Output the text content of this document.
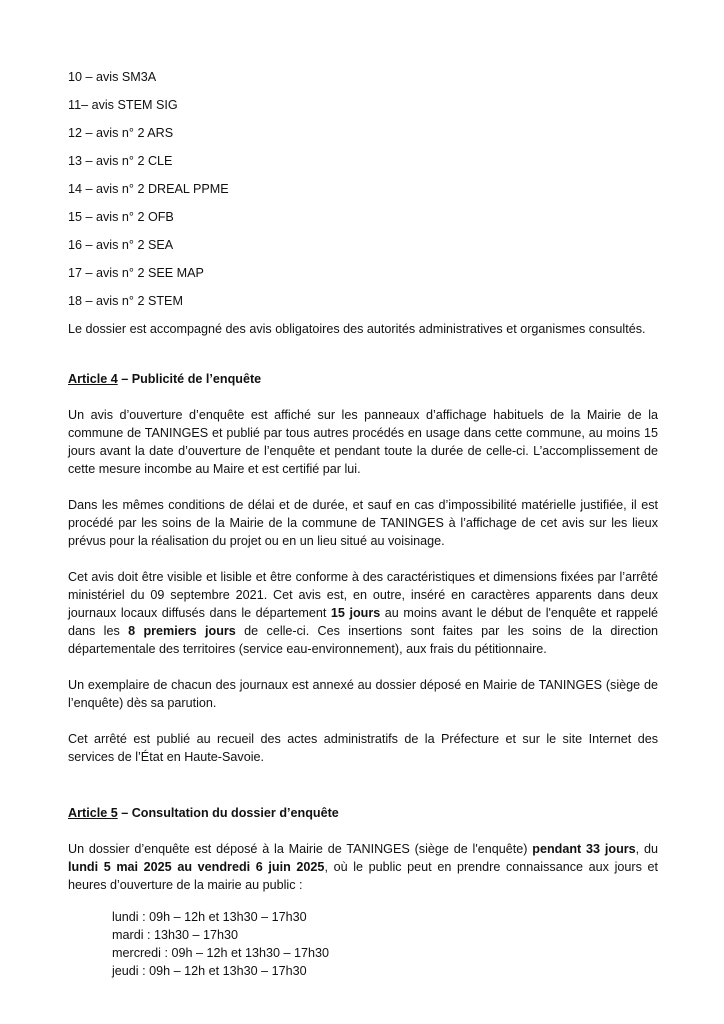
10 – avis SM3A
11– avis STEM SIG
12 – avis n° 2 ARS
13 – avis n° 2 CLE
14 – avis n° 2 DREAL PPME
15 – avis n° 2 OFB
16 – avis n° 2 SEA
17 – avis n° 2 SEE MAP
18 – avis n° 2 STEM

Le dossier est accompagné des avis obligatoires des autorités administratives et organismes consultés.

Article 4 – Publicité de l’enquête

Un avis d’ouverture d’enquête est affiché sur les panneaux d’affichage habituels de la Mairie de la commune de TANINGES et publié par tous autres procédés en usage dans cette commune, au moins 15 jours avant la date d’ouverture de l’enquête et pendant toute la durée de celle-ci. L’accomplissement de cette mesure incombe au Maire et est certifié par lui.

Dans les mêmes conditions de délai et de durée, et sauf en cas d’impossibilité matérielle justifiée, il est procédé par les soins de la Mairie de la commune de TANINGES à l’affichage de cet avis sur les lieux prévus pour la réalisation du projet ou en un lieu situé au voisinage.

Cet avis doit être visible et lisible et être conforme à des caractéristiques et dimensions fixées par l’arrêté ministériel du 09 septembre 2021. Cet avis est, en outre, inséré en caractères apparents dans deux journaux locaux diffusés dans le département 15 jours au moins avant le début de l'enquête et rappelé dans les 8 premiers jours de celle-ci. Ces insertions sont faites par les soins de la direction départementale des territoires (service eau-environnement), aux frais du pétitionnaire.

Un exemplaire de chacun des journaux est annexé au dossier déposé en Mairie de TANINGES (siège de l’enquête) dès sa parution.

Cet arrêté est publié au recueil des actes administratifs de la Préfecture et sur le site Internet des services de l’État en Haute-Savoie.

Article 5 – Consultation du dossier d’enquête

Un dossier d’enquête est déposé à la Mairie de TANINGES (siège de l'enquête) pendant 33 jours, du lundi 5 mai 2025 au vendredi 6 juin 2025, où le public peut en prendre connaissance aux jours et heures d’ouverture de la mairie au public :

lundi : 09h – 12h et 13h30 – 17h30
mardi : 13h30 – 17h30
mercredi : 09h – 12h et 13h30 – 17h30
jeudi : 09h – 12h et 13h30 – 17h30
